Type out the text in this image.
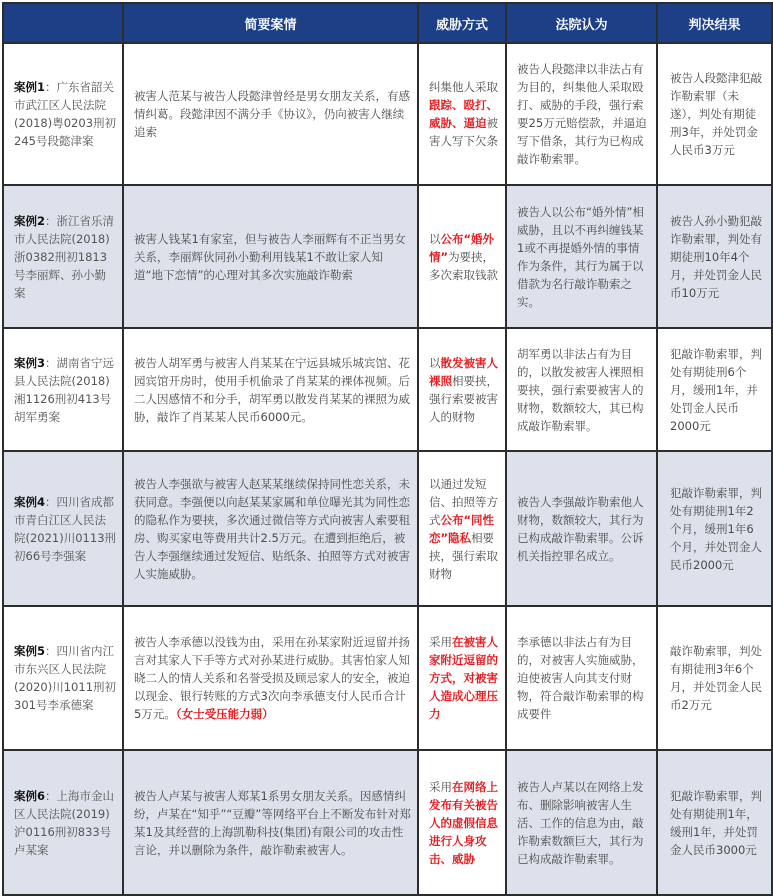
	简要案情	威胁方式	法院认为	判决结果
案例1：广东省韶关市武江区人民法院(2018)粤0203刑初245号段懿津案	被害人范某与被告人段懿津曾经是男女朋友关系，有感情纠葛。段懿津因不满分手《协议》，仍向被害人继续追索	纠集他人采取跟踪、殴打、威胁、逼迫被害人写下欠条	被告人段懿津以非法占有为目的，纠集他人采取殴打、威胁的手段，强行索要25万元赔偿款，并逼迫写下借条，其行为已构成敲诈勒索罪。	被告人段懿津犯敲诈勒索罪（未遂），判处有期徒刑3年，并处罚金人民币3万元
案例2：浙江省乐清市人民法院(2018)浙0382刑初1813号李丽辉、孙小勤案	被害人钱某1有家室，但与被告人李丽辉有不正当男女关系，李丽辉伙同孙小勤利用钱某1不敢让家人知道“地下恋情”的心理对其多次实施敲诈勒索	以公布“婚外情”为要挟，多次索取钱款	被告人以公布“婚外情”相威胁，且以不再纠缠钱某1或不再提婚外情的事情作为条件，其行为属于以借款为名行敲诈勒索之实。	被告人孙小勤犯敲诈勒索罪，判处有期徒刑10年4个月，并处罚金人民币10万元
案例3：湖南省宁远县人民法院(2018)湘1126刑初413号胡军勇案	被告人胡军勇与被害人肖某某在宁远县城乐城宾馆、花园宾馆开房时，使用手机偷录了肖某某的裸体视频。后二人因感情不和分手，胡军勇以散发肖某某的裸照为威胁，敲诈了肖某某人民币6000元。	以散发被害人裸照相要挟，强行索要被害人的财物	胡军勇以非法占有为目的，以散发被害人裸照相要挟，强行索要被害人的财物，数额较大，其已构成敲诈勒索罪。	犯敲诈勒索罪，判处有期徒刑6个月，缓刑1年，并处罚金人民币2000元
案例4：四川省成都市青白江区人民法院(2021)川0113刑初66号李强案	被告人李强欲与被害人赵某某继续保持同性恋关系，未获同意。李强便以向赵某某家属和单位曝光其为同性恋的隐私作为要挟，多次通过微信等方式向被害人索要租房、购买家电等费用共计2.5万元。在遭到拒绝后，被告人李强继续通过发短信、贴纸条、拍照等方式对被害人实施威胁。	以通过发短信、拍照等方式公布“同性恋”隐私相要挟，强行索取财物	被告人李强敲诈勒索他人财物，数额较大，其行为已构成敲诈勒索罪。公诉机关指控罪名成立。	犯敲诈勒索罪，判处有期徒刑1年2个月，缓刑1年6个月，并处罚金人民币2000元
案例5：四川省内江市东兴区人民法院(2020)川1011刑初301号李承德案	被告人李承德以没钱为由，采用在孙某家附近逗留并扬言对其家人下手等方式对孙某进行威胁。其害怕家人知晓二人的情人关系和名誉受损及顾忌家人的安全，被迫以现金、银行转账的方式3次向李承德支付人民币合计5万元。（女士受压能力弱）	采用在被害人家附近逗留的方式，对被害人造成心理压力	李承德以非法占有为目的，对被害人实施威胁，迫使被害人向其支付财物，符合敲诈勒索罪的构成要件	敲诈勒索罪，判处有期徒刑3年6个月，并处罚金人民币2万元
案例6：上海市金山区人民法院(2019)沪0116刑初833号卢某案	被告人卢某与被害人郑某1系男女朋友关系。因感情纠纷，卢某在“知乎”“豆瓣”等网络平台上不断发布针对郑某1及其经营的上海凯勒科技(集团)有限公司的攻击性言论，并以删除为条件，敲诈勒索被害人。	采用在网络上发布有关被告人的虚假信息进行人身攻击、威胁	被告人卢某以在网络上发布、删除影响被害人生活、工作的信息为由，敲诈勒索数额巨大，其行为已构成敲诈勒索罪。	犯敲诈勒索罪，判处有期徒刑1年，缓刑1年，并处罚金人民币3000元
